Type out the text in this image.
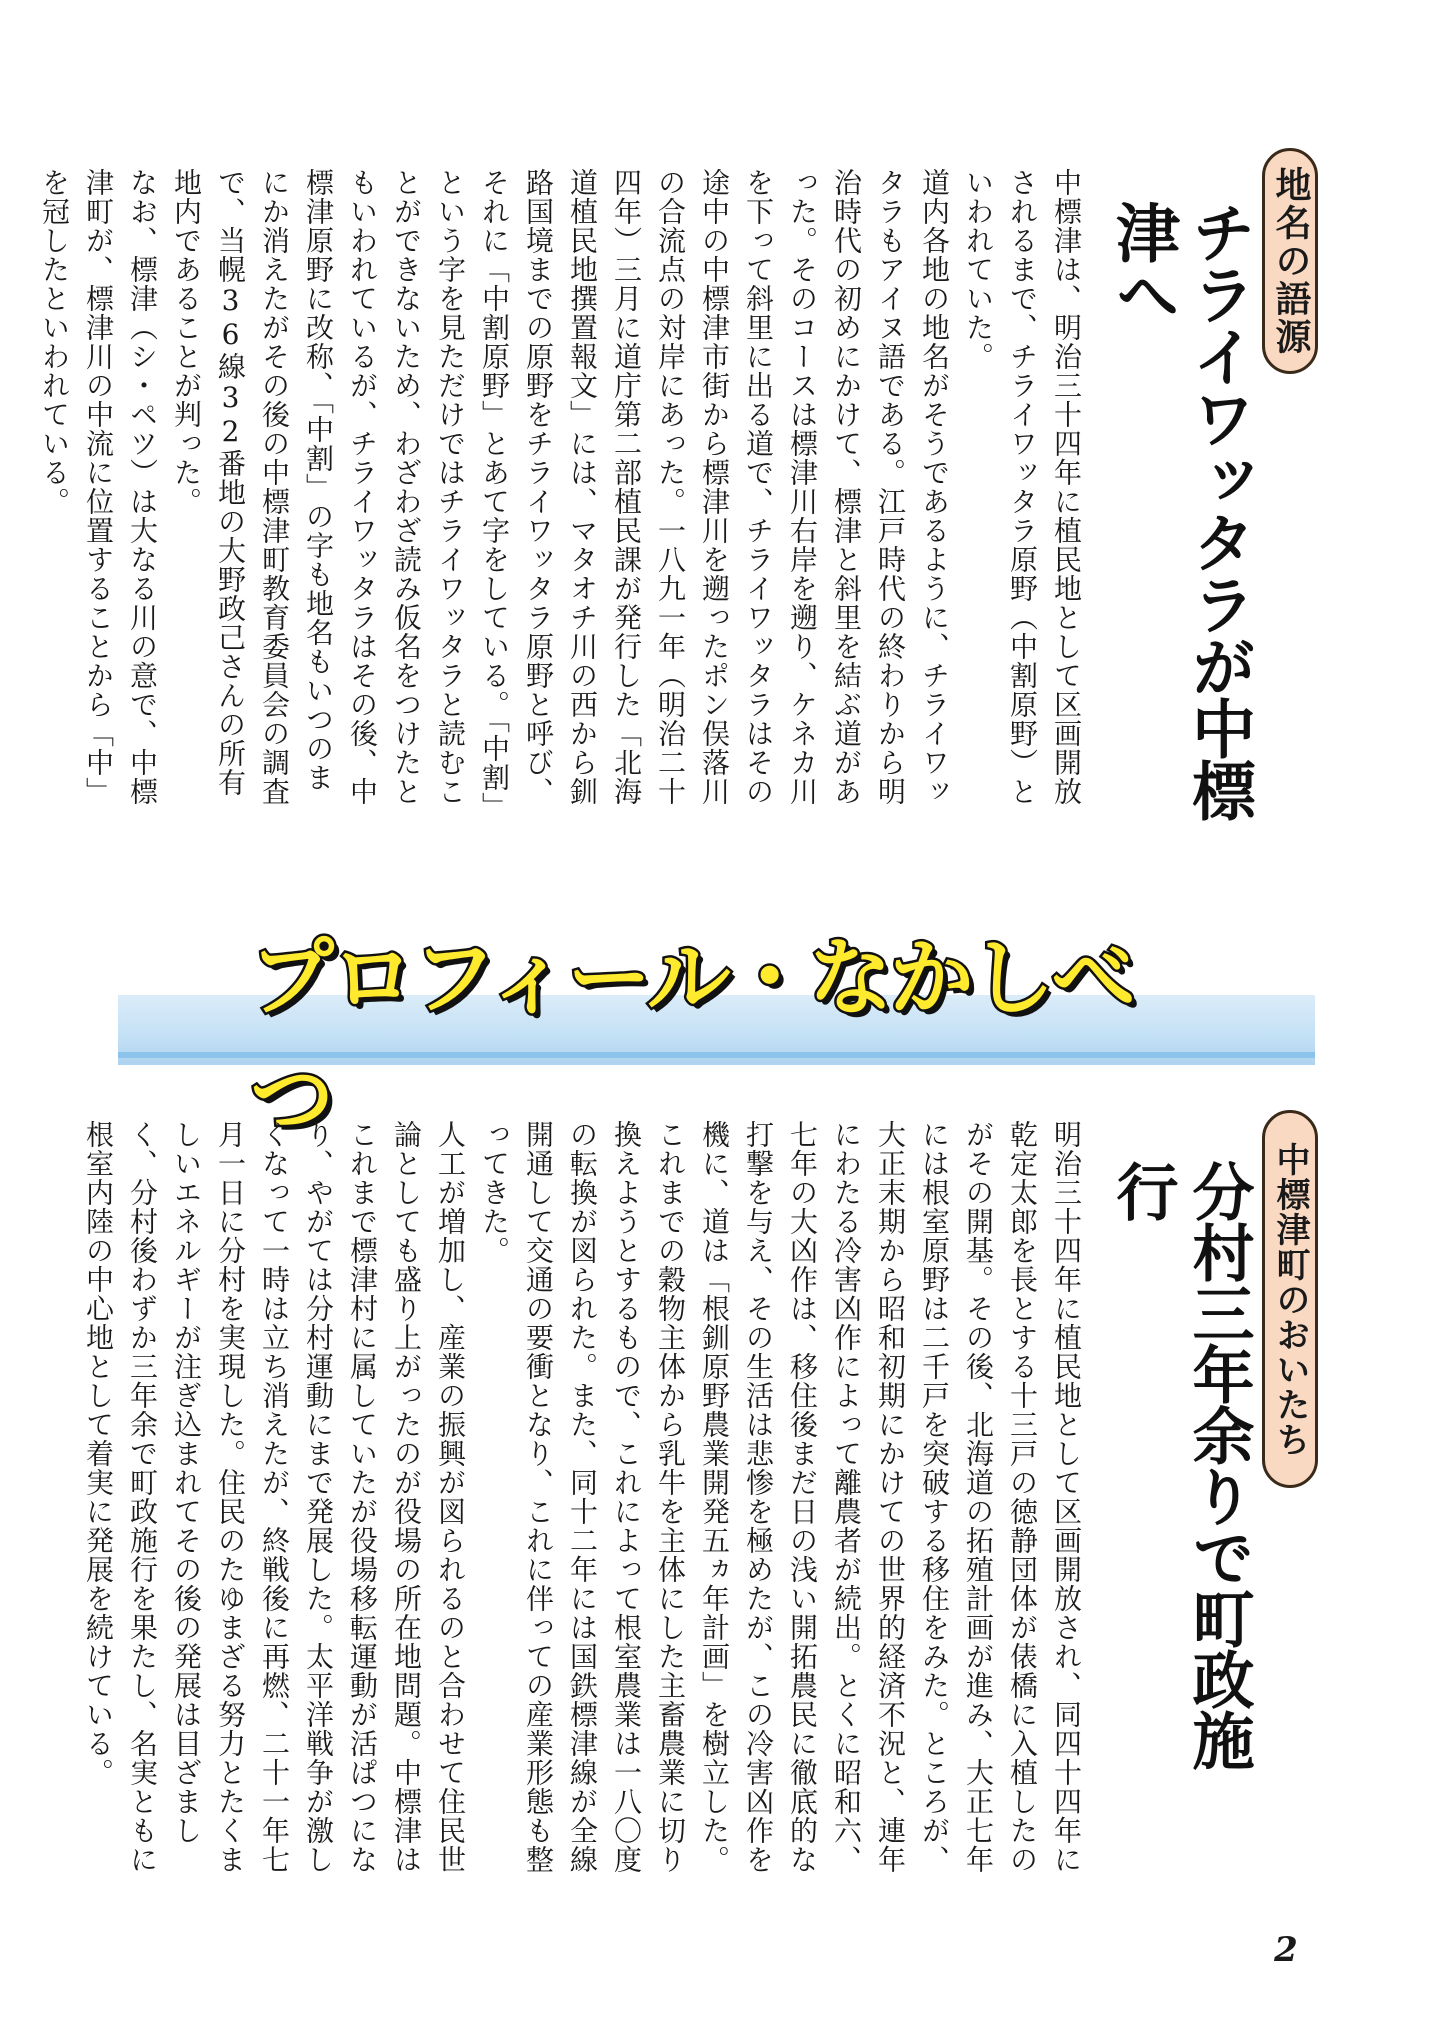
地名の語源
チライワッタラが中標津へ

中標津は、明治三十四年に植民地として区画開放されるまで、チライワッタラ原野（中割原野）といわれていた。

道内各地の地名がそうであるように、チライワッタラもアイヌ語である。江戸時代の終わりから明治時代の初めにかけて、標津と斜里を結ぶ道があった。そのコースは標津川右岸を遡り、ケネカ川を下って斜里に出る道で、チライワッタラはその途中の中標津市街から標津川を遡ったポン俣落川の合流点の対岸にあった。一八九一年（明治二十四年）三月に道庁第二部植民課が発行した「北海道植民地撰置報文」には、マタオチ川の西から釧路国境までの原野をチライワッタラ原野と呼び、それに「中割原野」とあて字をしている。「中割」という字を見ただけではチライワッタラと読むことができないため、わざわざ読み仮名をつけたともいわれているが、チライワッタラはその後、中標津原野に改称、「中割」の字も地名もいつのまにか消えたがその後の中標津町教育委員会の調査で、当幌36線32番地の大野政己さんの所有地内であることが判った。

なお、標津（シ・ペツ）は大なる川の意で、中標津町が、標津川の中流に位置することから「中」を冠したといわれている。

プロフィール・なかしべつ
中標津町のおいたち
分村三年余りで町政施行

明治三十四年に植民地として区画開放され、同四十四年に乾定太郎を長とする十三戸の徳静団体が俵橋に入植したのがその開基。その後、北海道の拓殖計画が進み、大正七年には根室原野は二千戸を突破する移住をみた。ところが、大正末期から昭和初期にかけての世界的経済不況と、連年にわたる冷害凶作によって離農者が続出。とくに昭和六、七年の大凶作は、移住後まだ日の浅い開拓農民に徹底的な打撃を与え、その生活は悲惨を極めたが、この冷害凶作を機に、道は「根釧原野農業開発五ヵ年計画」を樹立した。これまでの穀物主体から乳牛を主体にした主畜農業に切り換えようとするもので、これによって根室農業は一八〇度の転換が図られた。また、同十二年には国鉄標津線が全線開通して交通の要衝となり、これに伴っての産業形態も整ってきた。

人工が増加し、産業の振興が図られるのと合わせて住民世論としても盛り上がったのが役場の所在地問題。中標津はこれまで標津村に属していたが役場移転運動が活ぱつになり、やがては分村運動にまで発展した。太平洋戦争が激しくなって一時は立ち消えたが、終戦後に再燃、二十一年七月一日に分村を実現した。住民のたゆまざる努力とたくましいエネルギーが注ぎ込まれてその後の発展は目ざましく、分村後わずか三年余で町政施行を果たし、名実ともに根室内陸の中心地として着実に発展を続けている。

2
